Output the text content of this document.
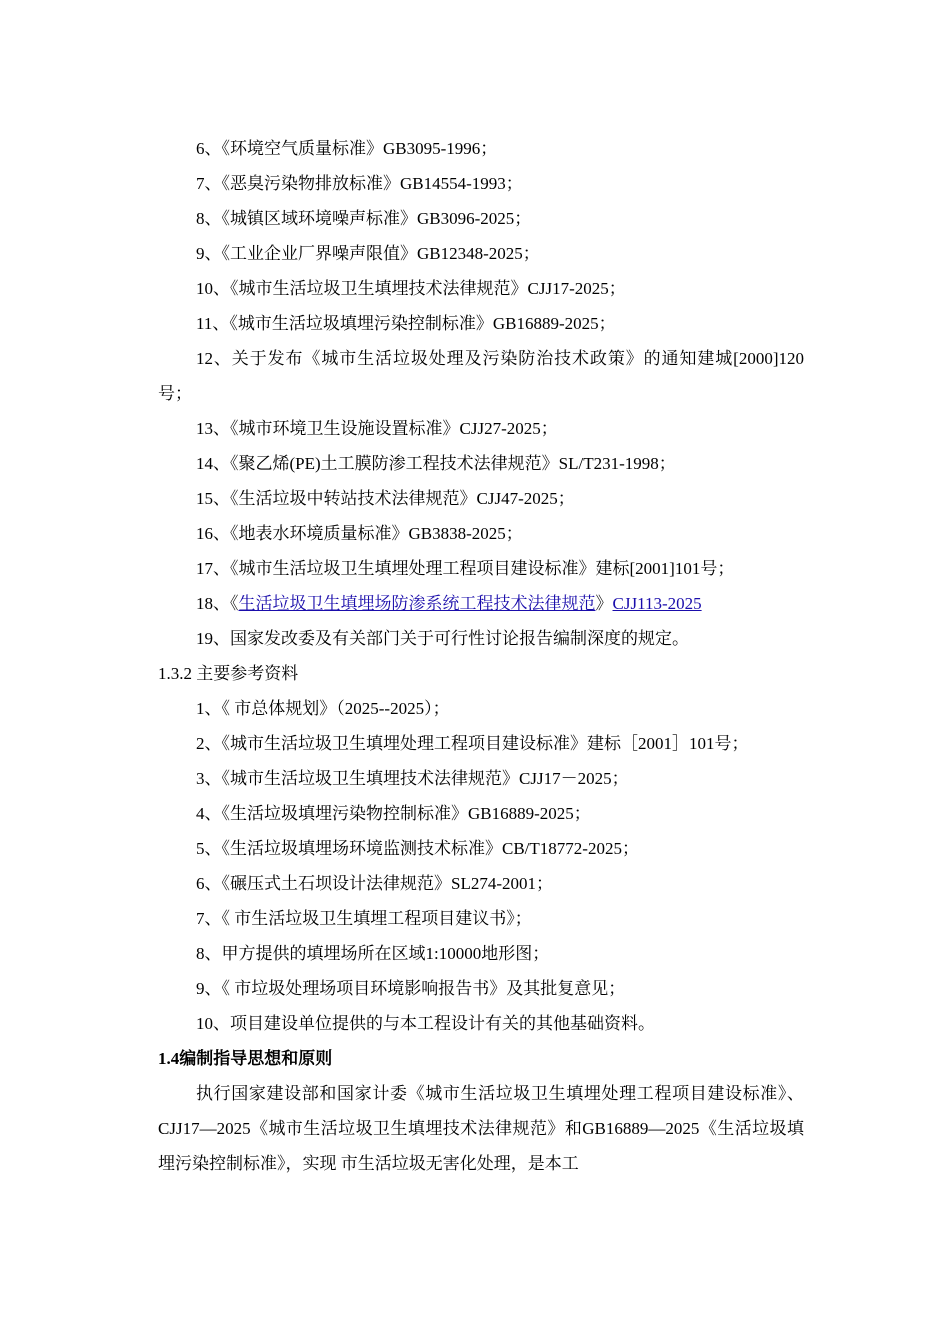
6、《环境空气质量标准》GB3095-1996；

7、《恶臭污染物排放标准》GB14554-1993；

8、《城镇区域环境噪声标准》GB3096-2025；

9、《工业企业厂界噪声限值》GB12348-2025；

10、《城市生活垃圾卫生填埋技术法律规范》CJJ17-2025；

11、《城市生活垃圾填埋污染控制标准》GB16889-2025；

12、关于发布《城市生活垃圾处理及污染防治技术政策》的通知建城[2000]120号；

13、《城市环境卫生设施设置标准》CJJ27-2025；

14、《聚乙烯(PE)土工膜防渗工程技术法律规范》SL/T231-1998；

15、《生活垃圾中转站技术法律规范》CJJ47-2025；

16、《地表水环境质量标准》GB3838-2025；

17、《城市生活垃圾卫生填埋处理工程项目建设标准》建标[2001]101号；

18、《生活垃圾卫生填埋场防渗系统工程技术法律规范》CJJ113-2025

19、国家发改委及有关部门关于可行性讨论报告编制深度的规定。

1.3.2 主要参考资料

1、《 市总体规划》（2025--2025）；

2、《城市生活垃圾卫生填埋处理工程项目建设标准》建标［2001］101号；

3、《城市生活垃圾卫生填埋技术法律规范》CJJ17－2025；

4、《生活垃圾填埋污染物控制标准》GB16889-2025；

5、《生活垃圾填埋场环境监测技术标准》CB/T18772-2025；

6、《碾压式土石坝设计法律规范》SL274-2001；

7、《 市生活垃圾卫生填埋工程项目建议书》；

8、甲方提供的填埋场所在区域1:10000地形图；

9、《 市垃圾处理场项目环境影响报告书》及其批复意见；

10、项目建设单位提供的与本工程设计有关的其他基础资料。

1.4编制指导思想和原则

执行国家建设部和国家计委《城市生活垃圾卫生填埋处理工程项目建设标准》、CJJ17—2025《城市生活垃圾卫生填埋技术法律规范》和GB16889—2025《生活垃圾填埋污染控制标准》，实现 市生活垃圾无害化处理，是本工
